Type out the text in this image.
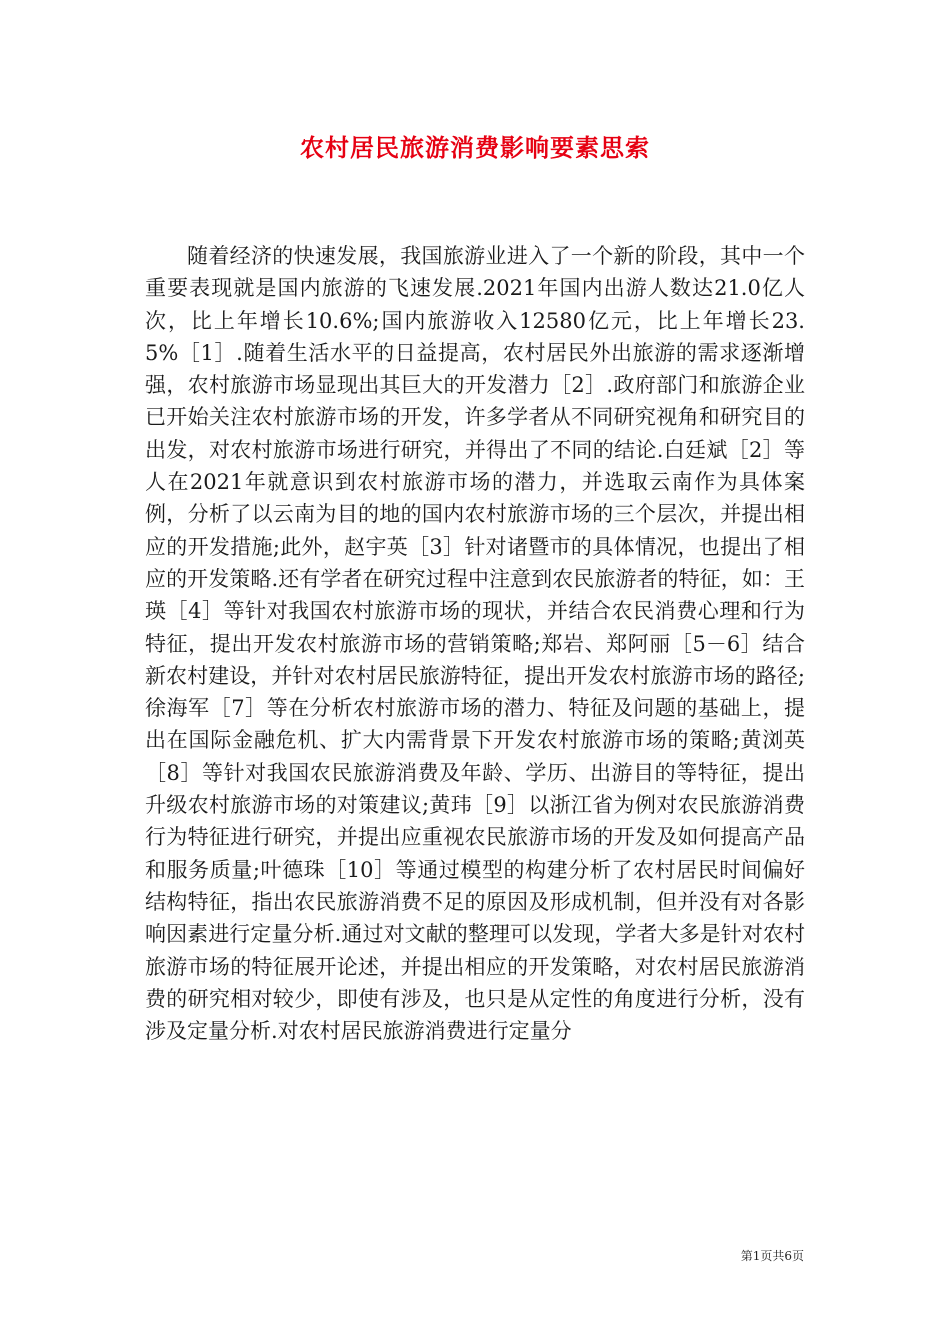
农村居民旅游消费影响要素思索

随着经济的快速发展，我国旅游业进入了一个新的阶段，其中一个重要表现就是国内旅游的飞速发展.2021年国内出游人数达21.0亿人次，比上年增长10.6%;国内旅游收入12580亿元，比上年增长23.5%［1］.随着生活水平的日益提高，农村居民外出旅游的需求逐渐增强，农村旅游市场显现出其巨大的开发潜力［2］.政府部门和旅游企业已开始关注农村旅游市场的开发，许多学者从不同研究视角和研究目的出发，对农村旅游市场进行研究，并得出了不同的结论.白廷斌［2］等人在2021年就意识到农村旅游市场的潜力，并选取云南作为具体案例，分析了以云南为目的地的国内农村旅游市场的三个层次，并提出相应的开发措施;此外，赵宇英［3］针对诸暨市的具体情况，也提出了相应的开发策略.还有学者在研究过程中注意到农民旅游者的特征，如：王瑛［4］等针对我国农村旅游市场的现状，并结合农民消费心理和行为特征，提出开发农村旅游市场的营销策略;郑岩、郑阿丽［5－6］结合新农村建设，并针对农村居民旅游特征，提出开发农村旅游市场的路径;徐海军［7］等在分析农村旅游市场的潜力、特征及问题的基础上，提出在国际金融危机、扩大内需背景下开发农村旅游市场的策略;黄浏英［8］等针对我国农民旅游消费及年龄、学历、出游目的等特征，提出升级农村旅游市场的对策建议;黄玮［9］以浙江省为例对农民旅游消费行为特征进行研究，并提出应重视农民旅游市场的开发及如何提高产品和服务质量;叶德珠［10］等通过模型的构建分析了农村居民时间偏好结构特征，指出农民旅游消费不足的原因及形成机制，但并没有对各影响因素进行定量分析.通过对文献的整理可以发现，学者大多是针对农村旅游市场的特征展开论述，并提出相应的开发策略，对农村居民旅游消费的研究相对较少，即使有涉及，也只是从定性的角度进行分析，没有涉及定量分析.对农村居民旅游消费进行定量分

第1页共6页
